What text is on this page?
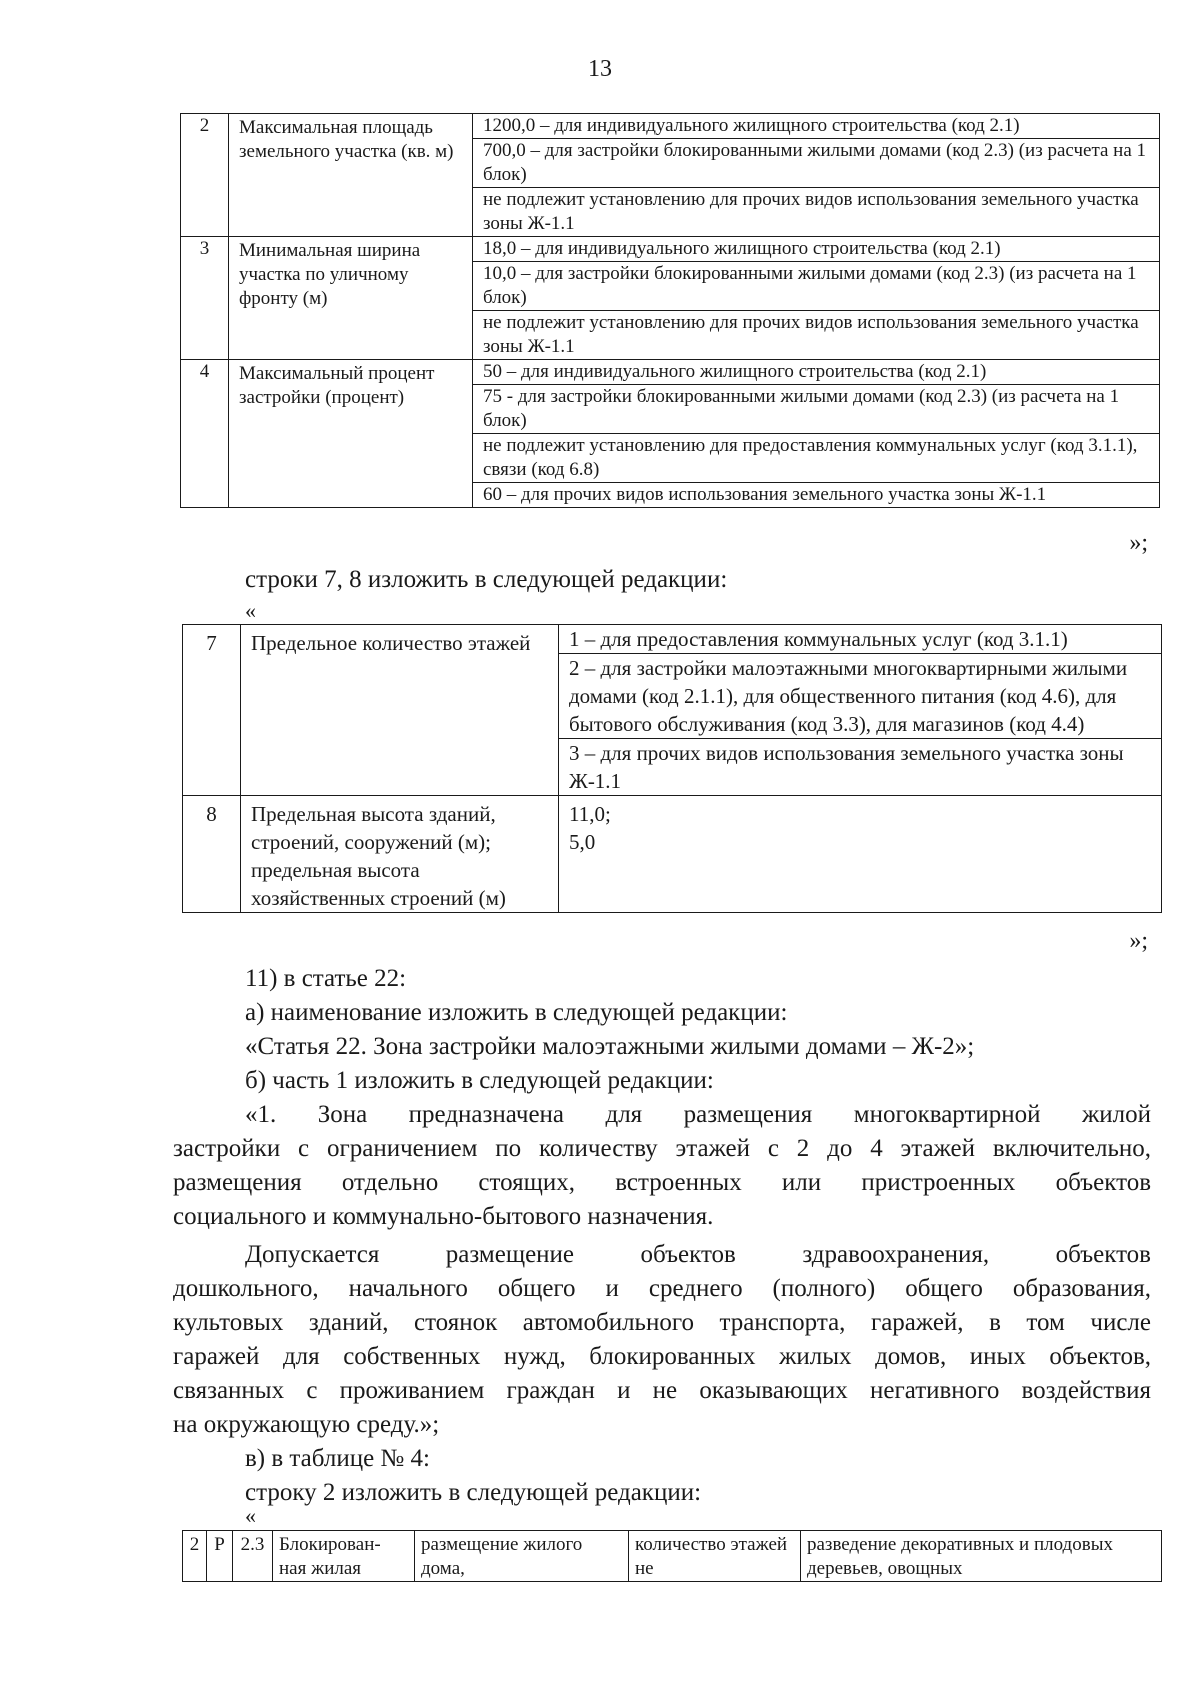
13
2	Максимальная площадь земельного участка (кв. м)	1200,0 – для индивидуального жилищного строительства (код 2.1)
		700,0 – для застройки блокированными жилыми домами (код 2.3) (из расчета на 1 блок)
		не подлежит установлению для прочих видов использования земельного участка зоны Ж-1.1
3	Минимальная ширина участка по уличному фронту (м)	18,0 – для индивидуального жилищного строительства (код 2.1)
		10,0 – для застройки блокированными жилыми домами (код 2.3) (из расчета на 1 блок)
		не подлежит установлению для прочих видов использования земельного участка зоны Ж-1.1
4	Максимальный процент застройки (процент)	50 – для индивидуального жилищного строительства (код 2.1)
		75 - для застройки блокированными жилыми домами (код 2.3) (из расчета на 1 блок)
		не подлежит установлению для предоставления коммунальных услуг (код 3.1.1), связи (код 6.8)
		60 – для прочих видов использования земельного участка зоны Ж-1.1
»;
строки 7, 8 изложить в следующей редакции:
«
7	Предельное количество этажей	1 – для предоставления коммунальных услуг (код 3.1.1)
		2 – для застройки малоэтажными многоквартирными жилыми домами (код 2.1.1), для общественного питания (код 4.6), для бытового обслуживания (код 3.3), для магазинов (код 4.4)
		3 – для прочих видов использования земельного участка зоны Ж-1.1
8	Предельная высота зданий, строений, сооружений (м); предельная высота хозяйственных строений (м)	11,0;
5,0
»;
11) в статье 22:
а) наименование изложить в следующей редакции:
«Статья 22. Зона застройки малоэтажными жилыми домами – Ж-2»;
б) часть 1 изложить в следующей редакции:
«1. Зона предназначена для размещения многоквартирной жилой
застройки с ограничением по количеству этажей с 2 до 4 этажей включительно,
размещения отдельно стоящих, встроенных или пристроенных объектов
социального и коммунально-бытового назначения.
Допускается размещение объектов здравоохранения, объектов
дошкольного, начального общего и среднего (полного) общего образования,
культовых зданий, стоянок автомобильного транспорта, гаражей, в том числе
гаражей для собственных нужд, блокированных жилых домов, иных объектов,
связанных с проживанием граждан и не оказывающих негативного воздействия
на окружающую среду.»;
в) в таблице № 4:
строку 2 изложить в следующей редакции:
«
2	Р	2.3	Блокирован- ная жилая	размещение жилого дома,	количество этажей не	разведение декоративных и плодовых деревьев, овощных
